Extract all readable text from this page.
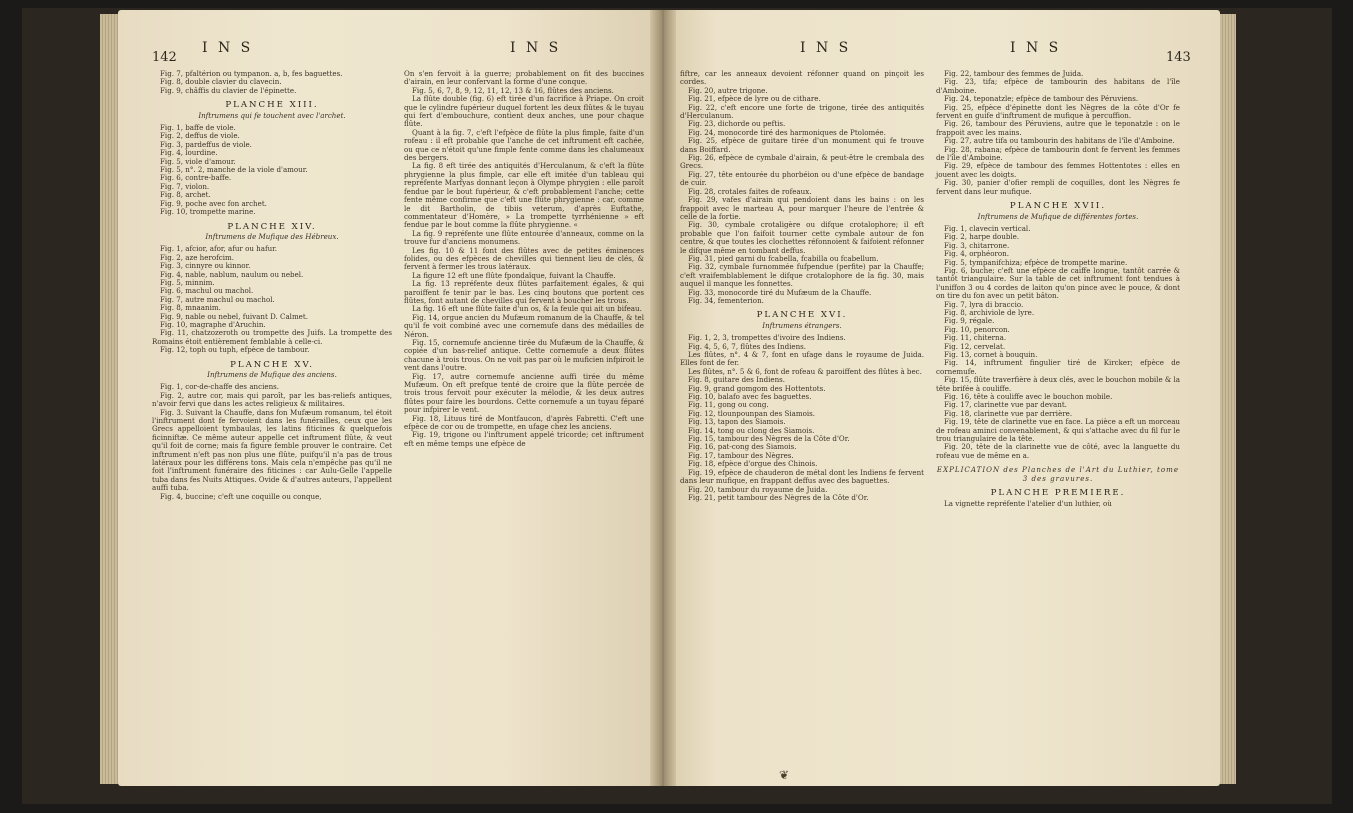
142
I N S	I N S

Fig. 7, pfaltérion ou tympanon. a, b, fes baguettes.

Fig. 8, double clavier du clavecin.

Fig. 9, châffis du clavier de l'épinette.

PLANCHE XIII.

Inftrumens qui fe touchent avec l'archet.

Fig. 1, baffe de viole.

Fig. 2, deffus de viole.

Fig. 3, pardeffus de viole.

Fig. 4, lourdine.

Fig. 5, viole d'amour.

Fig. 5, n°. 2, manche de la viole d'amour.

Fig. 6, contre-baffe.

Fig. 7, violon.

Fig. 8, archet.

Fig. 9, poche avec fon archet.

Fig. 10, trompette marine.

PLANCHE XIV.

Inftrumens de Mufique des Hébreux.

Fig. 1, afcior, afor, afur ou hafur.

Fig. 2, aze herofcim.

Fig. 3, cinnyre ou kinnor.

Fig. 4, nable, nablum, naulum ou nebel.

Fig. 5, minnim.

Fig. 6, machul ou machol.

Fig. 7, autre machul ou machol.

Fig. 8, mnaanim.

Fig. 9, nable ou nebel, fuivant D. Calmet.

Fig. 10, magraphe d'Aruchin.

Fig. 11, chatzozeroth ou trompette des Juifs. La trompette des Romains étoit entièrement femblable à celle-ci.

Fig. 12, toph ou tuph, efpèce de tambour.

PLANCHE XV.

Inftrumens de Mufique des anciens.

Fig. 1, cor-de-chaffe des anciens.

Fig. 2, autre cor, mais qui paroît, par les bas-reliefs antiques, n'avoir fervi que dans les actes religieux & militaires.

Fig. 3. Suivant la Chauffe, dans fon Mufæum romanum, tel étoit l'inftrument dont fe fervoient dans les funérailles, ceux que les Grecs appelloient tymbaulas, les latins fiticines & quelquefois ficinniftæ. Ce même auteur appelle cet inftrument flûte, & veut qu'il foit de corne; mais fa figure femble prouver le contraire. Cet inftrument n'eft pas non plus une flûte, puifqu'il n'a pas de trous latéraux pour les différens tons. Mais cela n'empêche pas qu'il ne foit l'inftrument funéraire des fiticines : car Aulu-Gelle l'appelle tuba dans fes Nuits Attiques. Ovide & d'autres auteurs, l'appellent auffi tuba.

Fig. 4, buccine; c'eft une coquille ou conque,

On s'en fervoit à la guerre; probablement on fit des buccines d'airain, en leur confervant la forme d'une conque.

Fig. 5, 6, 7, 8, 9, 12, 11, 12, 13 & 16, flûtes des anciens.

La flûte double (fig. 6) eft tirée d'un facrifice à Priape. On croit que le cylindre fupérieur duquel fortent les deux flûtes & le tuyau qui fert d'embouchure, contient deux anches, une pour chaque flûte.

Quant à la fig. 7, c'eft l'efpèce de flûte la plus fimple, faite d'un rofeau : il eft probable que l'anche de cet inftrument eft cachée, ou que ce n'étoit qu'une fimple fente comme dans les chalumeaux des bergers.

La fig. 8 eft tirée des antiquités d'Herculanum, & c'eft la flûte phrygienne la plus fimple, car elle eft imitée d'un tableau qui repréfente Marfyas donnant leçon à Olympe phrygien : elle paroît fendue par le bout fupérieur, & c'eft probablement l'anche; cette fente même confirme que c'eft une flûte phrygienne : car, comme le dit Bartholin, de tibiis veterum, d'après Euftathe, commentateur d'Homère, » La trompette tyrrhénienne » eft fendue par le bout comme la flûte phrygienne. «

La fig. 9 repréfente une flûte entourée d'anneaux, comme on la trouve fur d'anciens monumens.

Les fig. 10 & 11 font des flûtes avec de petites éminences folides, ou des efpèces de chevilles qui tiennent lieu de clés, & fervent à fermer les trous latéraux.

La figure 12 eft une flûte fpondaïque, fuivant la Chauffe.

La fig. 13 repréfente deux flûtes parfaitement égales, & qui paroiffent fe tenir par le bas. Les cinq boutons que portent ces flûtes, font autant de chevilles qui fervent à boucher les trous.

La fig. 16 eft une flûte faite d'un os, & la feule qui ait un bifeau.

Fig. 14, orgue ancien du Mufæum romanum de la Chauffe, & tel qu'il fe voit combiné avec une cornemufe dans des médailles de Néron.

Fig. 15, cornemufe ancienne tirée du Mufæum de la Chauffe, & copiée d'un bas-relief antique. Cette cornemufe a deux flûtes chacune à trois trous. On ne voit pas par où le muficien infpiroit le vent dans l'outre.

Fig. 17, autre cornemufe ancienne auffi tirée du même Mufæum. On eft prefque tenté de croire que la flûte percée de trois trous fervoit pour exécuter la mélodie, & les deux autres flûtes pour faire les bourdons. Cette cornemufe a un tuyau féparé pour infpirer le vent.

Fig. 18, Lituus tiré de Montfaucon, d'après Fabretti. C'eft une efpèce de cor ou de trompette, en ufage chez les anciens.

Fig. 19, trigone ou l'inftrument appelé tricorde; cet inftrument eft en même temps une efpèce de

I N S	I N S
143

fiftre, car les anneaux devoient réfonner quand on pinçoit les cordes.

Fig. 20, autre trigone.

Fig. 21, efpèce de lyre ou de cithare.

Fig. 22, c'eft encore une forte de trigone, tirée des antiquités d'Herculanum.

Fig. 23, dichorde ou peftis.

Fig. 24, monocorde tiré des harmoniques de Ptolomée.

Fig. 25, efpèce de guitare tirée d'un monument qui fe trouve dans Boiffard.

Fig. 26, efpèce de cymbale d'airain, & peut-être le crembala des Grecs.

Fig. 27, tête entourée du phorbéion ou d'une efpèce de bandage de cuir.

Fig. 28, crotales faites de rofeaux.

Fig. 29, vafes d'airain qui pendoient dans les bains : on les frappoit avec le marteau A, pour marquer l'heure de l'entrée & celle de la fortie.

Fig. 30, cymbale crotaligère ou difque crotalophore; il eft probable que l'on faifoit tourner cette cymbale autour de fon centre, & que toutes les clochettes réfonnoient & faifoient réfonner le difque même en tombant deffus.

Fig. 31, pied garni du fcabella, fcabilla ou fcabellum.

Fig. 32, cymbale furnommée fufpendue (perfite) par la Chauffe; c'eft vraifemblablement le difque crotalophore de la fig. 30, mais auquel il manque les fonnettes.

Fig. 33, monocorde tiré du Mufæum de la Chauffe.

Fig. 34, fementerion.

PLANCHE XVI.

Inftrumens étrangers.

Fig. 1, 2, 3, trompettes d'ivoire des Indiens.

Fig. 4, 5, 6, 7, flûtes des Indiens.

Les flûtes, n°. 4 & 7, font en ufage dans le royaume de Juida. Elles font de fer.

Les flûtes, n°. 5 & 6, font de rofeau & paroiffent des flûtes à bec.

Fig. 8, guitare des Indiens.

Fig. 9, grand gomgom des Hottentots.

Fig. 10, balafo avec fes baguettes.

Fig. 11, gong ou cong.

Fig. 12, tlounpounpan des Siamois.

Fig. 13, tapon des Siamois.

Fig. 14, tong ou clong des Siamois.

Fig. 15, tambour des Nègres de la Côte d'Or.

Fig. 16, pat-cong des Siamois.

Fig. 17, tambour des Nègres.

Fig. 18, efpèce d'orgue des Chinois.

Fig. 19, efpèce de chauderon de métal dont les Indiens fe fervent dans leur mufique, en frappant deffus avec des baguettes.

Fig. 20, tambour du royaume de Juida.

Fig. 21, petit tambour des Nègres de la Côte d'Or.

Fig. 22, tambour des femmes de Juida.

Fig. 23, tifa; efpèce de tambourin des habitans de l'île d'Amboine.

Fig. 24, teponatzle; efpèce de tambour des Péruviens.

Fig. 25, efpèce d'épinette dont les Nègres de la côte d'Or fe fervent en guife d'inftrument de mufique à percuffion.

Fig. 26, tambour des Péruviens, autre que le teponatzle : on le frappoit avec les mains.

Fig. 27, autre tifa ou tambourin des habitans de l'île d'Amboine.

Fig. 28, rabana; efpèce de tambourin dont fe fervent les femmes de l'île d'Amboine.

Fig. 29, efpèce de tambour des femmes Hottentotes : elles en jouent avec les doigts.

Fig. 30, panier d'ofier rempli de coquilles, dont les Nègres fe fervent dans leur mufique.

PLANCHE XVII.

Inftrumens de Mufique de différentes fortes.

Fig. 1, clavecin vertical.

Fig. 2, harpe double.

Fig. 3, chitarrone.

Fig. 4, orphéoron.

Fig. 5, tympanifchiza; efpèce de trompette marine.

Fig. 6, buche; c'eft une efpèce de caiffe longue, tantôt carrée & tantôt triangulaire. Sur la table de cet inftrument font tendues à l'uniffon 3 ou 4 cordes de laiton qu'on pince avec le pouce, & dont on tire du fon avec un petit bâton.

Fig. 7, lyra di braccio.

Fig. 8, archiviole de lyre.

Fig. 9, régale.

Fig. 10, penorcon.

Fig. 11, chiterna.

Fig. 12, cervelat.

Fig. 13, cornet à bouquin.

Fig. 14, inftrument fingulier tiré de Kircker; efpèce de cornemufe.

Fig. 15, flûte traverfière à deux clés, avec le bouchon mobile & la tête brifée à couliffe.

Fig. 16, tête à couliffe avec le bouchon mobile.

Fig. 17, clarinette vue par devant.

Fig. 18, clarinette vue par derrière.

Fig. 19, tête de clarinette vue en face. La pièce a eft un morceau de rofeau aminci convenablement, & qui s'attache avec du fil fur le trou triangulaire de la tête.

Fig. 20, tête de la clarinette vue de côté, avec la languette du rofeau vue de même en a.

EXPLICATION des Planches de l'Art du Luthier, tome 3 des gravures.

PLANCHE PREMIERE.

La vignette repréfente l'atelier d'un luthier, où

❦
